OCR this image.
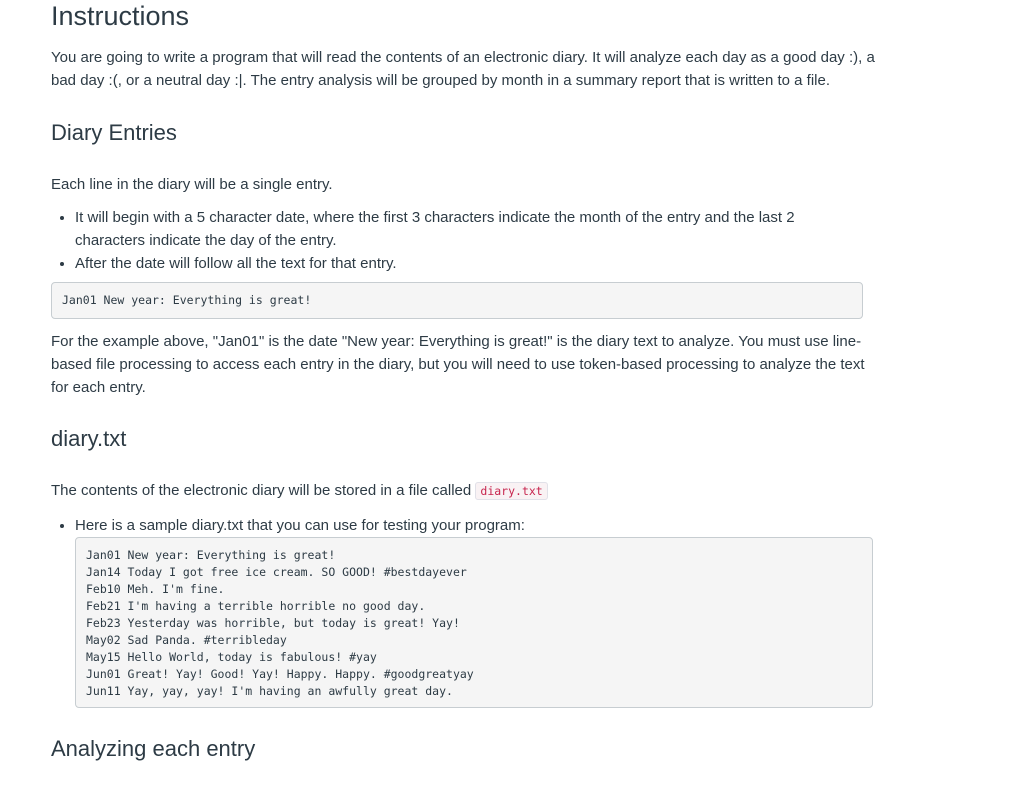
Instructions

You are going to write a program that will read the contents of an electronic diary. It will analyze each day as a good day :), a bad day :(, or a neutral day :|. The entry analysis will be grouped by month in a summary report that is written to a file.

Diary Entries

Each line in the diary will be a single entry.

• It will begin with a 5 character date, where the first 3 characters indicate the month of the entry and the last 2 characters indicate the day of the entry.
• After the date will follow all the text for that entry.
Jan01 New year: Everything is great!

For the example above, "Jan01" is the date "New year: Everything is great!" is the diary text to analyze. You must use line-based file processing to access each entry in the diary, but you will need to use token-based processing to analyze the text for each entry.

diary.txt

The contents of the electronic diary will be stored in a file called diary.txt

• Here is a sample diary.txt that you can use for testing your program:
Jan01 New year: Everything is great!
Jan14 Today I got free ice cream. SO GOOD! #bestdayever
Feb10 Meh. I'm fine.
Feb21 I'm having a terrible horrible no good day.
Feb23 Yesterday was horrible, but today is great! Yay!
May02 Sad Panda. #terribleday
May15 Hello World, today is fabulous! #yay
Jun01 Great! Yay! Good! Yay! Happy. Happy. #goodgreatyay
Jun11 Yay, yay, yay! I'm having an awfully great day.
Analyzing each entry
